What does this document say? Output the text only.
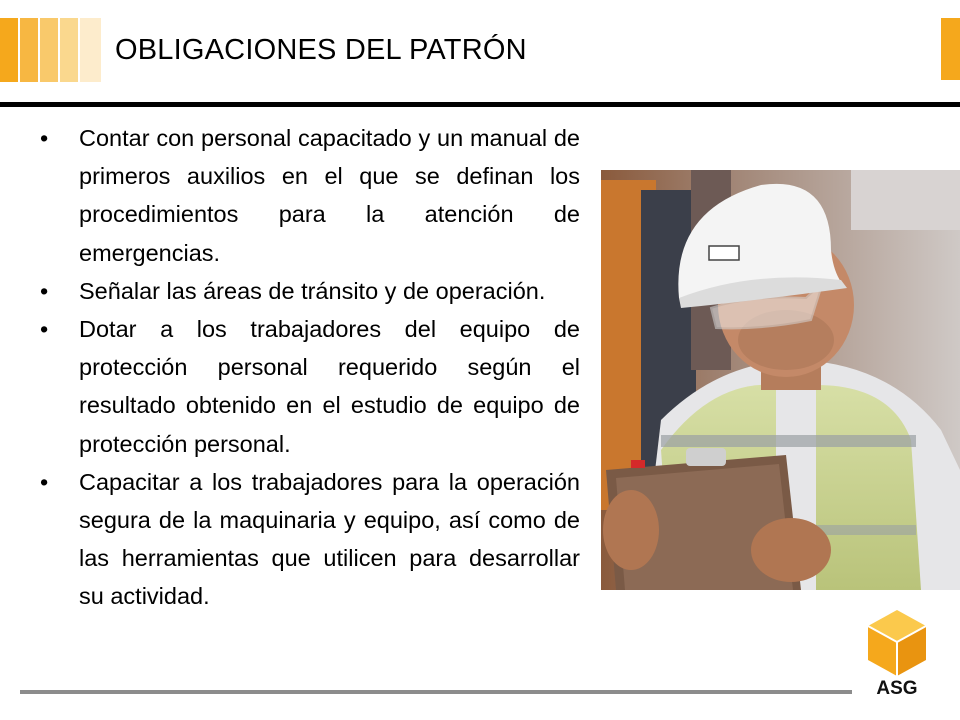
OBLIGACIONES DEL PATRÓN
• Contar con personal capacitado y un manual de primeros auxilios en el que se definan los procedimientos para la atención de emergencias.
• Señalar las áreas de tránsito y de operación.
• Dotar a los trabajadores del equipo de protección personal requerido según el resultado obtenido en el estudio de equipo de protección personal.
• Capacitar a los trabajadores para la operación segura de la maquinaria y equipo, así como de las herramientas que utilicen para desarrollar su actividad.
ASG
